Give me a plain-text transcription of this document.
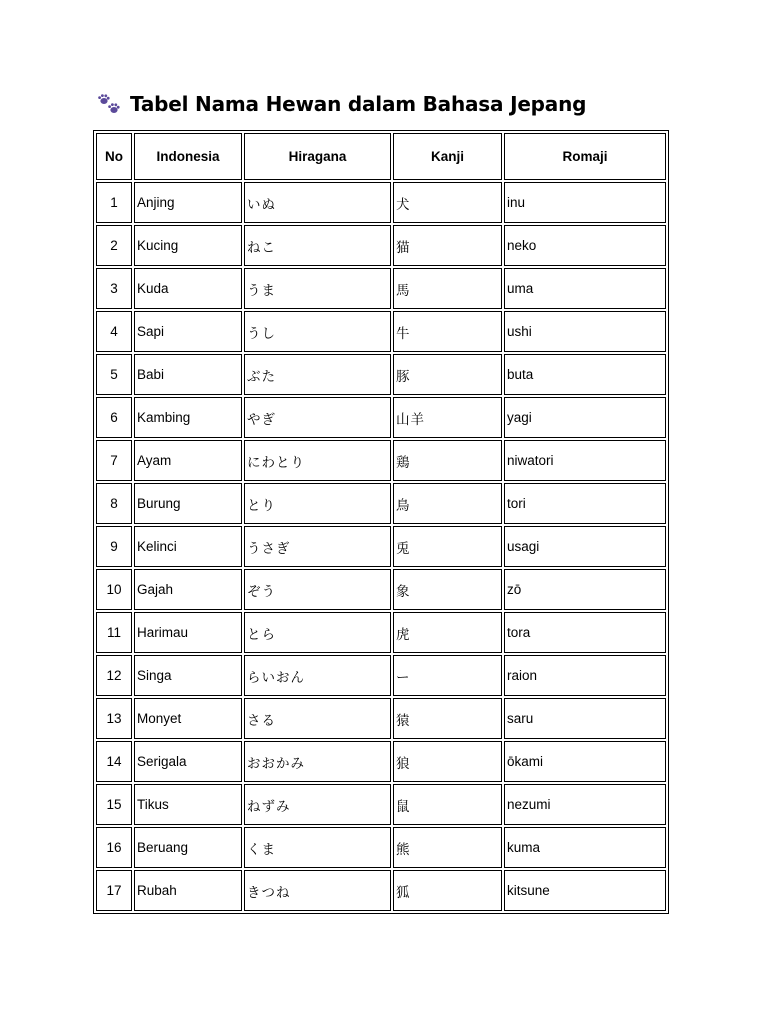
Tabel Nama Hewan dalam Bahasa Jepang
No	Indonesia	Hiragana	Kanji	Romaji
1	Anjing	いぬ	犬	inu
2	Kucing	ねこ	猫	neko
3	Kuda	うま	馬	uma
4	Sapi	うし	牛	ushi
5	Babi	ぶた	豚	buta
6	Kambing	やぎ	山羊	yagi
7	Ayam	にわとり	鶏	niwatori
8	Burung	とり	鳥	tori
9	Kelinci	うさぎ	兎	usagi
10	Gajah	ぞう	象	zō
11	Harimau	とら	虎	tora
12	Singa	らいおん	ー	raion
13	Monyet	さる	猿	saru
14	Serigala	おおかみ	狼	ōkami
15	Tikus	ねずみ	鼠	nezumi
16	Beruang	くま	熊	kuma
17	Rubah	きつね	狐	kitsune
